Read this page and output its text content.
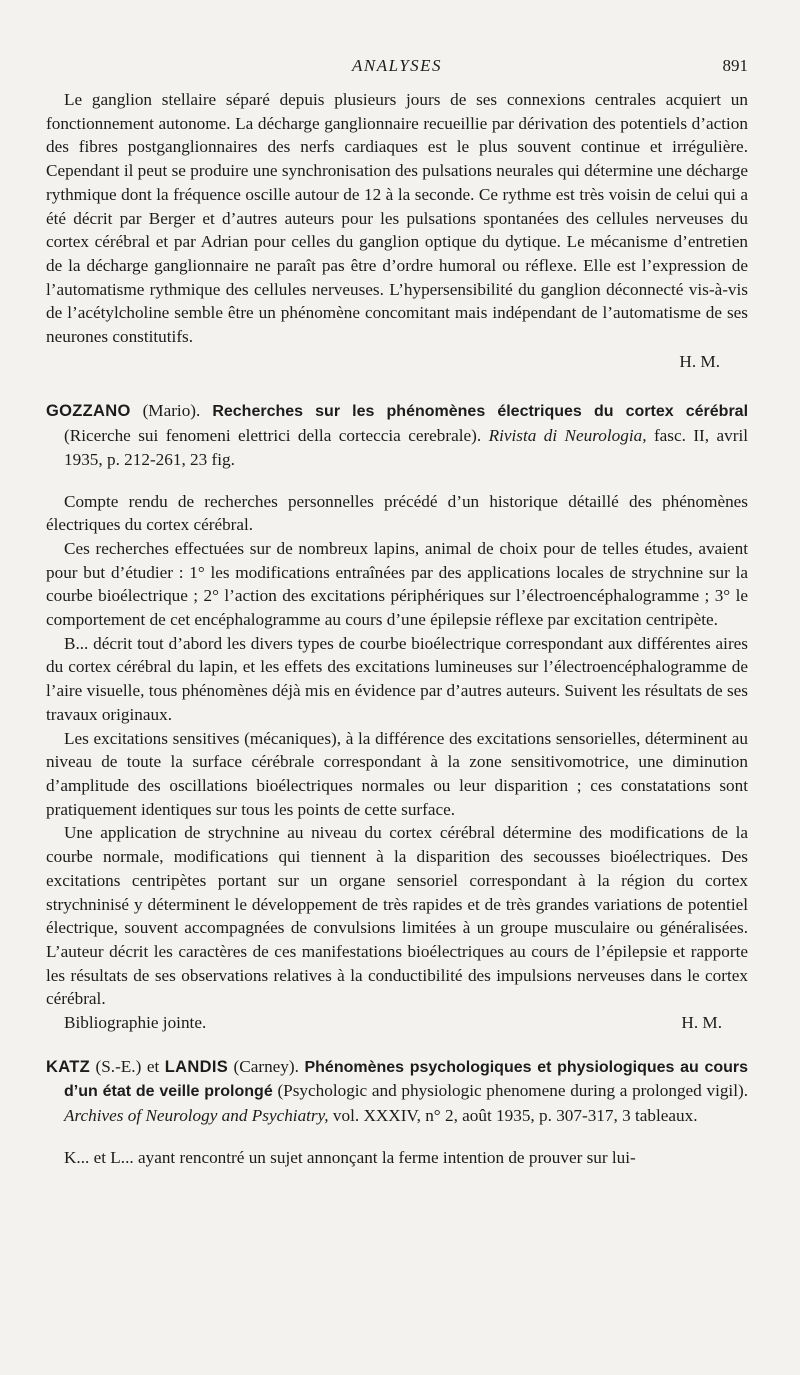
ANALYSES	891

Le ganglion stellaire séparé depuis plusieurs jours de ses connexions centrales acquiert un fonctionnement autonome. La décharge ganglionnaire recueillie par dérivation des potentiels d’action des fibres postganglionnaires des nerfs cardiaques est le plus souvent continue et irrégulière. Cependant il peut se produire une synchronisation des pulsations neurales qui détermine une décharge rythmique dont la fréquence oscille autour de 12 à la seconde. Ce rythme est très voisin de celui qui a été décrit par Berger et d’autres auteurs pour les pulsations spontanées des cellules nerveuses du cortex cérébral et par Adrian pour celles du ganglion optique du dytique. Le mécanisme d’entretien de la décharge ganglionnaire ne paraît pas être d’ordre humoral ou réflexe. Elle est l’expression de l’automatisme rythmique des cellules nerveuses. L’hypersensibilité du ganglion déconnecté vis-à-vis de l’acétylcholine semble être un phénomène concomitant mais indépendant de l’automatisme de ses neurones constitutifs.

H. M.

GOZZANO (Mario). Recherches sur les phénomènes électriques du cortex cérébral (Ricerche sui fenomeni elettrici della corteccia cerebrale). Rivista di Neurologia, fasc. II, avril 1935, p. 212-261, 23 fig.

Compte rendu de recherches personnelles précédé d’un historique détaillé des phénomènes électriques du cortex cérébral.

Ces recherches effectuées sur de nombreux lapins, animal de choix pour de telles études, avaient pour but d’étudier : 1° les modifications entraînées par des applications locales de strychnine sur la courbe bioélectrique ; 2° l’action des excitations périphériques sur l’électroencéphalogramme ; 3° le comportement de cet encéphalogramme au cours d’une épilepsie réflexe par excitation centripète.

B... décrit tout d’abord les divers types de courbe bioélectrique correspondant aux différentes aires du cortex cérébral du lapin, et les effets des excitations lumineuses sur l’électroencéphalogramme de l’aire visuelle, tous phénomènes déjà mis en évidence par d’autres auteurs. Suivent les résultats de ses travaux originaux.

Les excitations sensitives (mécaniques), à la différence des excitations sensorielles, déterminent au niveau de toute la surface cérébrale correspondant à la zone sensitivomotrice, une diminution d’amplitude des oscillations bioélectriques normales ou leur disparition ; ces constatations sont pratiquement identiques sur tous les points de cette surface.

Une application de strychnine au niveau du cortex cérébral détermine des modifications de la courbe normale, modifications qui tiennent à la disparition des secousses bioélectriques. Des excitations centripètes portant sur un organe sensoriel correspondant à la région du cortex strychninisé y déterminent le développement de très rapides et de très grandes variations de potentiel électrique, souvent accompagnées de convulsions limitées à un groupe musculaire ou généralisées. L’auteur décrit les caractères de ces manifestations bioélectriques au cours de l’épilepsie et rapporte les résultats de ses observations relatives à la conductibilité des impulsions nerveuses dans le cortex cérébral.

Bibliographie jointe.	H. M.

KATZ (S.-E.) et LANDIS (Carney). Phénomènes psychologiques et physiologiques au cours d’un état de veille prolongé (Psychologic and physiologic phenomene during a prolonged vigil). Archives of Neurology and Psychiatry, vol. XXXIV, n° 2, août 1935, p. 307-317, 3 tableaux.

K... et L... ayant rencontré un sujet annonçant la ferme intention de prouver sur lui-
